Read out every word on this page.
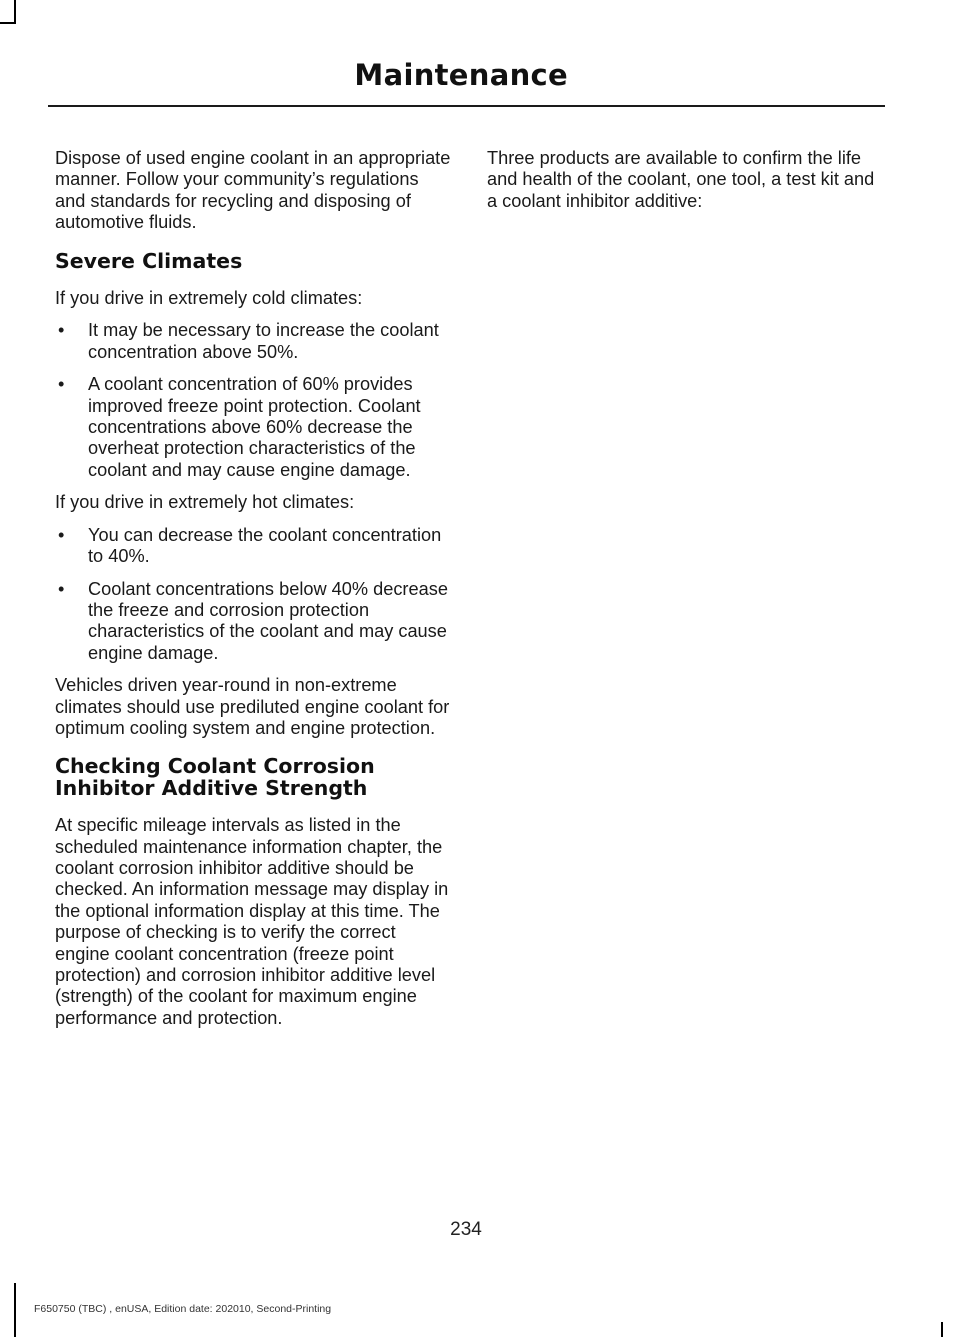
Maintenance

Dispose of used engine coolant in an appropriate manner. Follow your community’s regulations and standards for recycling and disposing of automotive fluids.

Severe Climates

If you drive in extremely cold climates:

• It may be necessary to increase the coolant concentration above 50%.
• A coolant concentration of 60% provides improved freeze point protection. Coolant concentrations above 60% decrease the overheat protection characteristics of the coolant and may cause engine damage.

If you drive in extremely hot climates:

• You can decrease the coolant concentration to 40%.
• Coolant concentrations below 40% decrease the freeze and corrosion protection characteristics of the coolant and may cause engine damage.

Vehicles driven year-round in non-extreme climates should use prediluted engine coolant for optimum cooling system and engine protection.

Checking Coolant Corrosion Inhibitor Additive Strength

At specific mileage intervals as listed in the scheduled maintenance information chapter, the coolant corrosion inhibitor additive should be checked. An information message may display in the optional information display at this time. The purpose of checking is to verify the correct engine coolant concentration (freeze point protection) and corrosion inhibitor additive level (strength) of the coolant for maximum engine performance and protection.

Three products are available to confirm the life and health of the coolant, one tool, a test kit and a coolant inhibitor additive:

234

F650750 (TBC) , enUSA, Edition date: 202010, Second-Printing
